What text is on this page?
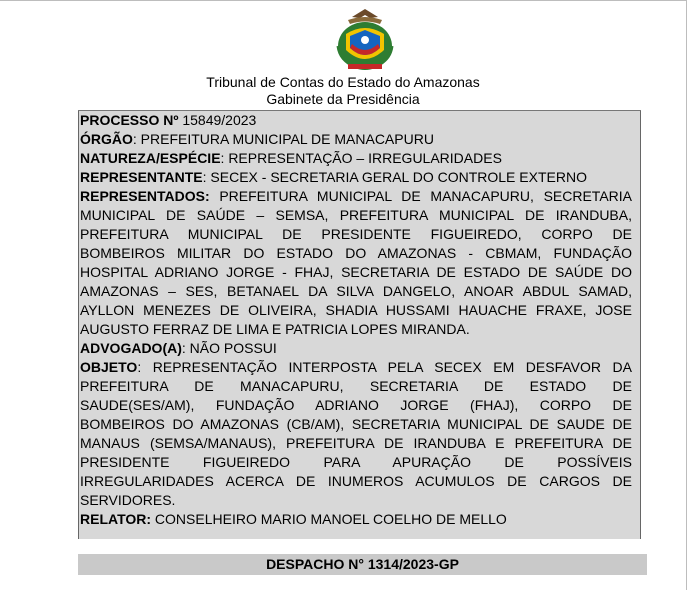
Tribunal de Contas do Estado do Amazonas
Gabinete da Presidência
PROCESSO Nº 15849/2023
ÓRGÃO: PREFEITURA MUNICIPAL DE MANACAPURU
NATUREZA/ESPÉCIE: REPRESENTAÇÃO – IRREGULARIDADES
REPRESENTANTE: SECEX - SECRETARIA GERAL DO CONTROLE EXTERNO
REPRESENTADOS: PREFEITURA MUNICIPAL DE MANACAPURU, SECRETARIA
MUNICIPAL DE SAÚDE – SEMSA, PREFEITURA MUNICIPAL DE IRANDUBA,
PREFEITURA MUNICIPAL DE PRESIDENTE FIGUEIREDO, CORPO DE
BOMBEIROS MILITAR DO ESTADO DO AMAZONAS - CBMAM, FUNDAÇÃO
HOSPITAL ADRIANO JORGE - FHAJ, SECRETARIA DE ESTADO DE SAÚDE DO
AMAZONAS – SES, BETANAEL DA SILVA DANGELO, ANOAR ABDUL SAMAD,
AYLLON MENEZES DE OLIVEIRA, SHADIA HUSSAMI HAUACHE FRAXE, JOSE
AUGUSTO FERRAZ DE LIMA E PATRICIA LOPES MIRANDA.
ADVOGADO(A): NÃO POSSUI
OBJETO: REPRESENTAÇÃO INTERPOSTA PELA SECEX EM DESFAVOR DA
PREFEITURA DE MANACAPURU, SECRETARIA DE ESTADO DE
SAUDE(SES/AM), FUNDAÇÃO ADRIANO JORGE (FHAJ), CORPO DE
BOMBEIROS DO AMAZONAS (CB/AM), SECRETARIA MUNICIPAL DE SAUDE DE
MANAUS (SEMSA/MANAUS), PREFEITURA DE IRANDUBA E PREFEITURA DE
PRESIDENTE FIGUEIREDO PARA APURAÇÃO DE POSSÍVEIS
IRREGULARIDADES ACERCA DE INUMEROS ACUMULOS DE CARGOS DE
SERVIDORES.
RELATOR: CONSELHEIRO MARIO MANOEL COELHO DE MELLO
DESPACHO N° 1314/2023-GP
